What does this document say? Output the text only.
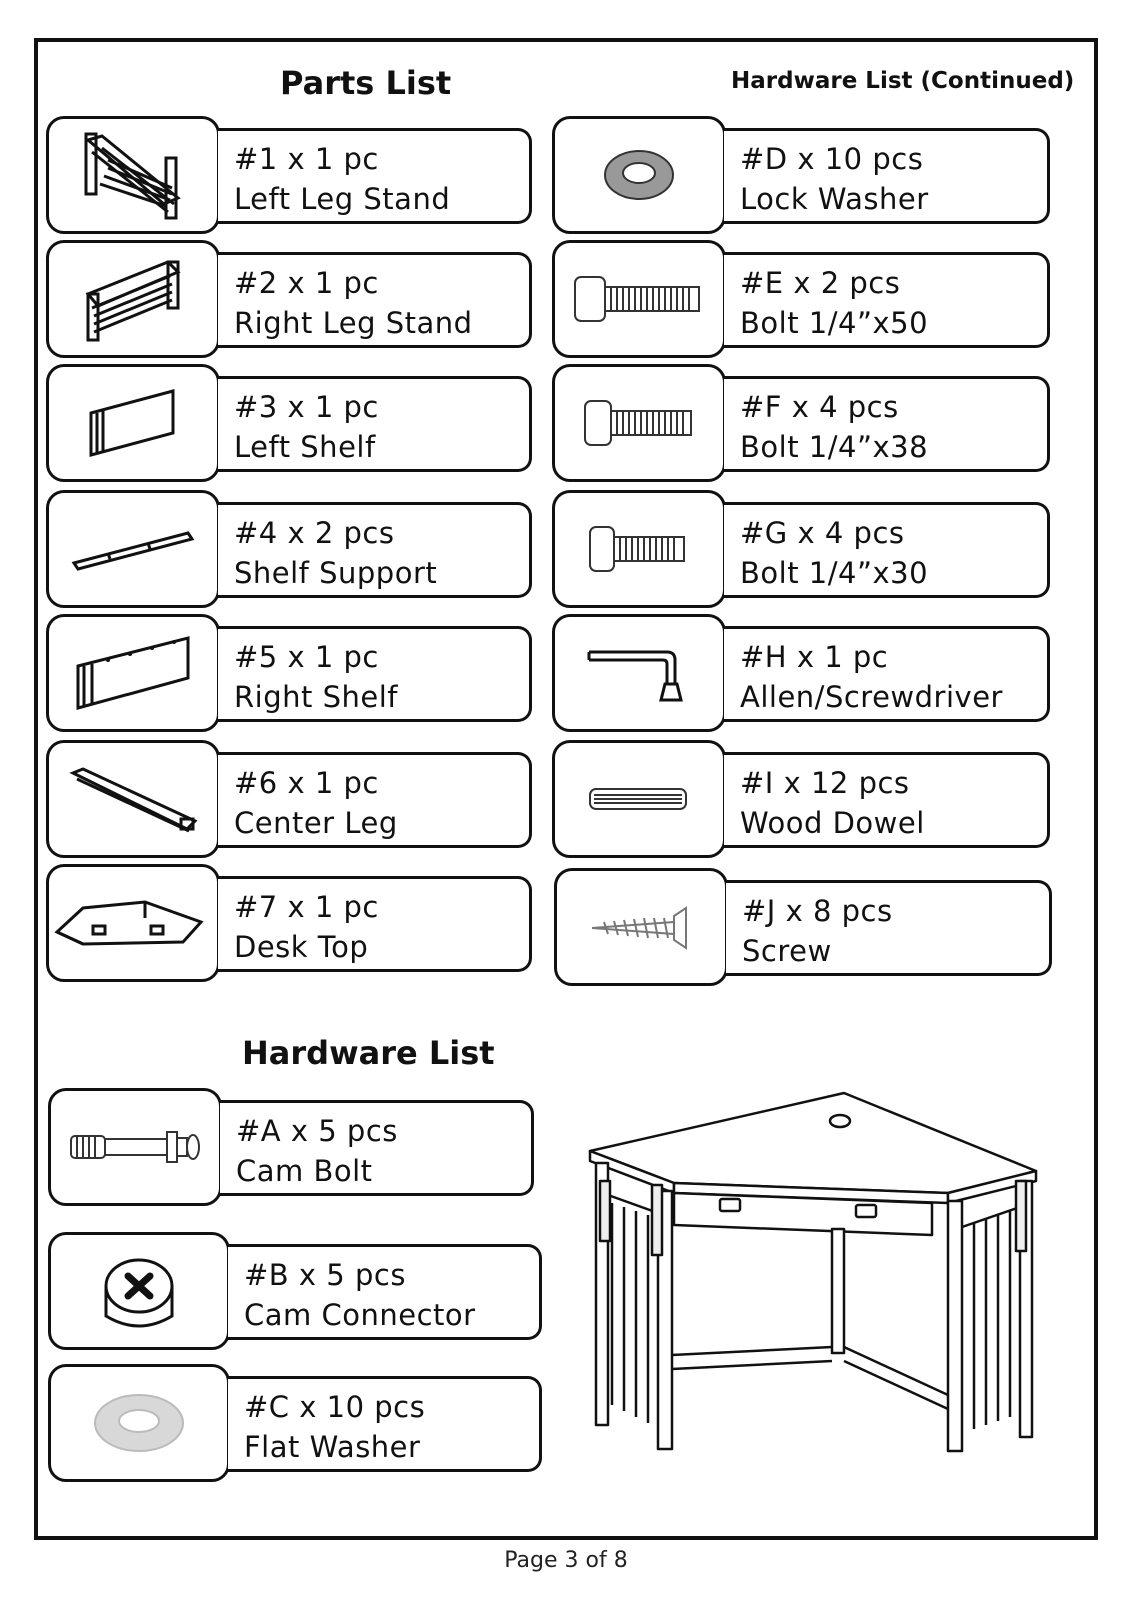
Parts List	Hardware List (Continued)
Hardware List
#1 x 1 pc
Left Leg Stand
#2 x 1 pc
Right Leg Stand
#3 x 1 pc
Left Shelf
#4 x 2 pcs
Shelf Support
#5 x 1 pc
Right Shelf
#6 x 1 pc
Center Leg
#7 x 1 pc
Desk Top
#D x 10 pcs
Lock Washer
#E x 2 pcs
Bolt 1/4”x50
#F x 4 pcs
Bolt 1/4”x38
#G x 4 pcs
Bolt 1/4”x30
#H x 1 pc
Allen/Screwdriver
#I x 12 pcs
Wood Dowel
#J x 8 pcs
Screw
#A x 5 pcs
Cam Bolt
#B x 5 pcs
Cam Connector
#C x 10 pcs
Flat Washer
Page 3 of 8
